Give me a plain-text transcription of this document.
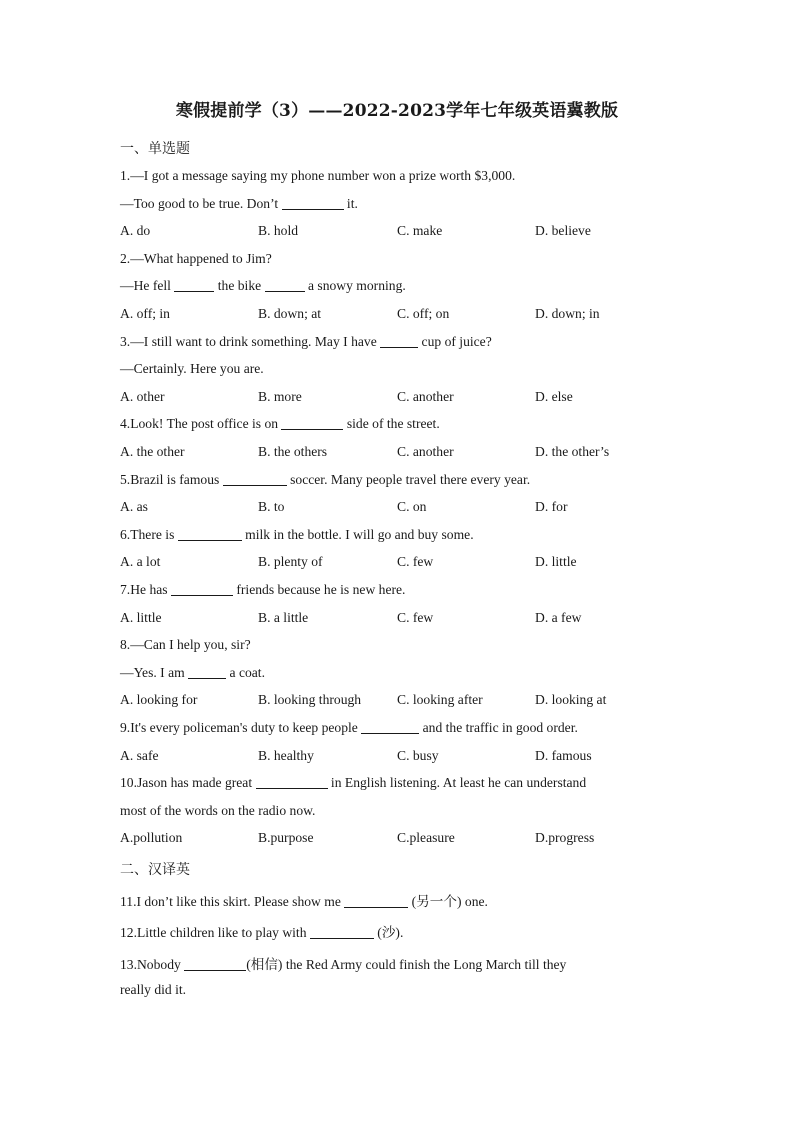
寒假提前学（3）——2022-2023学年七年级英语冀教版
一、单选题
1.—I got a message saying my phone number won a prize worth $3,000.
—Too good to be true. Don’t	it.
A. do	B. hold	C. make	D. believe
2.—What happened to Jim?
—He fell	the bike	a snowy morning.
A. off; in	B. down; at	C. off; on	D. down; in
3.—I still want to drink something. May I have	cup of juice?
—Certainly. Here you are.
A. other	B. more	C. another	D. else
4.Look! The post office is on	side of the street.
A. the other	B. the others	C. another	D. the other’s
5.Brazil is famous	soccer. Many people travel there every year.
A. as	B. to	C. on	D. for
6.There is	milk in the bottle. I will go and buy some.
A. a lot	B. plenty of	C. few	D. little
7.He has	friends because he is new here.
A. little	B. a little	C. few	D. a few
8.—Can I help you, sir?
—Yes. I am	a coat.
A. looking for	B. looking through	C. looking after	D. looking at
9.It's every policeman's duty to keep people	and the traffic in good order.
A. safe	B. healthy	C. busy	D. famous
10.Jason has made great	in English listening. At least he can understand
most of the words on the radio now.
A.pollution	B.purpose	C.pleasure	D.progress
二、汉译英
11.I don’t like this skirt. Please show me	(另一个) one.
12.Little children like to play with	(沙).
13.Nobody	(相信) the Red Army could finish the Long March till they
really did it.
